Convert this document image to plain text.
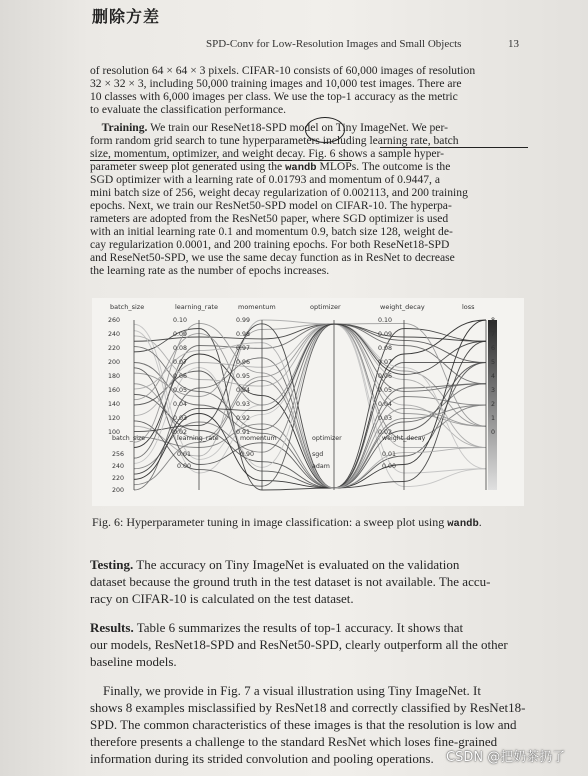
删除方差
SPD-Conv for Low-Resolution Images and Small Objects	13
of resolution 64 × 64 × 3 pixels. CIFAR-10 consists of 60,000 images of resolution
32 × 32 × 3, including 50,000 training images and 10,000 test images. There are
10 classes with 6,000 images per class. We use the top-1 accuracy as the metric
to evaluate the classification performance.
 Training. We train our ReseNet18-SPD model on Tiny ImageNet. We per-
form random grid search to tune hyperparameters including learning rate, batch
size, momentum, optimizer, and weight decay. Fig. 6 shows a sample hyper-
parameter sweep plot generated using the wandb MLOPs. The outcome is the
SGD optimizer with a learning rate of 0.01793 and momentum of 0.9447, a
mini batch size of 256, weight decay regularization of 0.002113, and 200 training
epochs. Next, we train our ResNet50-SPD model on CIFAR-10. The hyperpa-
rameters are adopted from the ResNet50 paper, where SGD optimizer is used
with an initial learning rate 0.1 and momentum 0.9, batch size 128, weight de-
cay regularization 0.0001, and 200 training epochs. For both ReseNet18-SPD
and ReseNet50-SPD, we use the same decay function as in ResNet to decrease
the learning rate as the number of epochs increases.
batch_size
260
240
220
200
180
160
140
120
100
batch_size
256
240
220
200
learning_rate
0.10
0.09
0.08
0.07
0.06
0.05
0.04
0.03
0.02
learning_rate
0.01
0.00
momentum
0.99
0.98
0.97
0.96
0.95
0.94
0.93
0.92
0.91
momentum
0.90
optimizer
optimizer
sgd
adam
weight_decay
0.10
0.09
0.08
0.07
0.06
0.05
0.04
0.03
0.02
weight_decay
0.01
0.00
loss
8
7
6
5
4
3
2
1
0
Fig. 6: Hyperparameter tuning in image classification: a sweep plot using wandb.
Testing. The accuracy on Tiny ImageNet is evaluated on the validation
dataset because the ground truth in the test dataset is not available. The accu-
racy on CIFAR-10 is calculated on the test dataset.
Results. Table 6 summarizes the results of top-1 accuracy. It shows that
our models, ResNet18-SPD and ResNet50-SPD, clearly outperform all the other
baseline models.
 Finally, we provide in Fig. 7 a visual illustration using Tiny ImageNet. It
shows 8 examples misclassified by ResNet18 and correctly classified by ResNet18-
SPD. The common characteristics of these images is that the resolution is low and
therefore presents a challenge to the standard ResNet which loses fine-grained
information during its strided convolution and pooling operations. CSDN @把奶茶扔了
